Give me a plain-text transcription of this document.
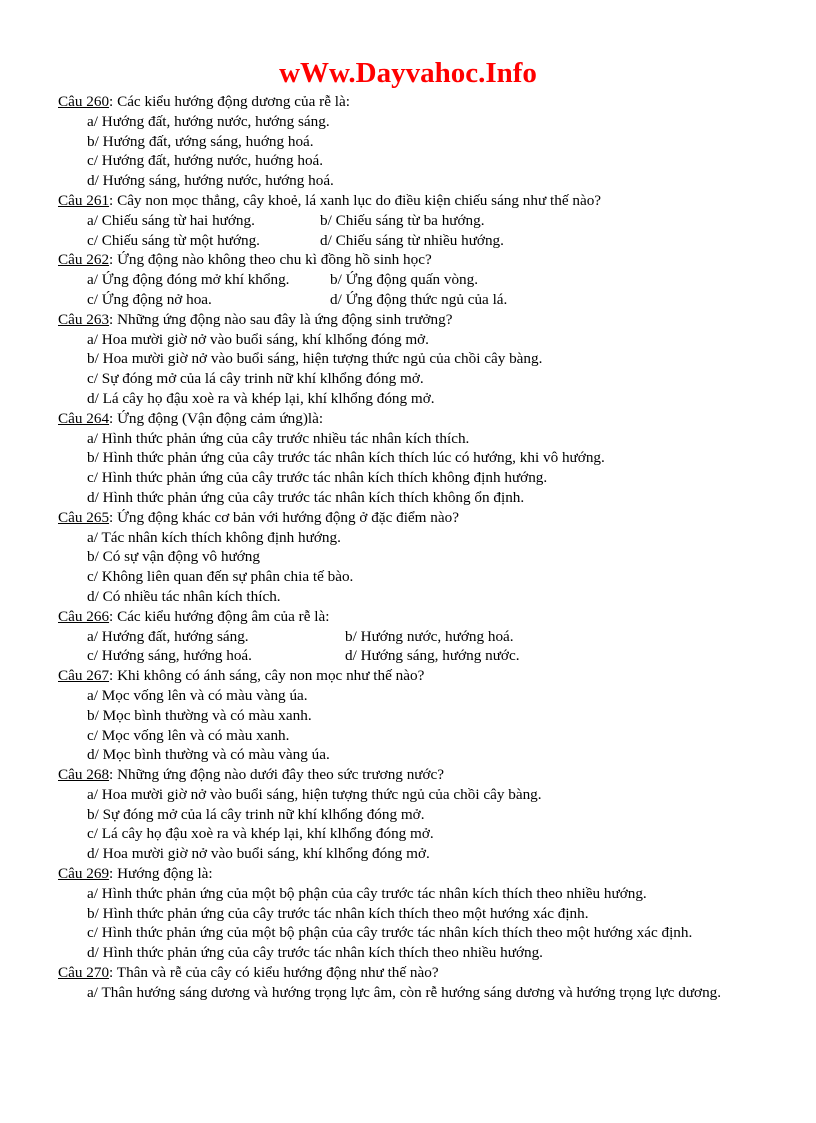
wWw.Dayvahoc.Info

Câu 260: Các kiểu hướng động dương của rễ là:

a/ Hướng đất, hướng nước, hướng sáng.

b/ Hướng đất, ướng sáng, huớng hoá.

c/ Hướng đất, hướng nước, huớng hoá.

d/ Hướng sáng, hướng nước, hướng hoá.

Câu 261: Cây non mọc thẳng, cây khoẻ, lá xanh lục do điều kiện chiếu sáng như thế nào?

a/ Chiếu sáng từ hai hướng.	b/ Chiếu sáng từ ba hướng.

c/ Chiếu sáng từ một hướng.	d/ Chiếu sáng từ nhiều hướng.

Câu 262: Ứng động nào không theo chu kì đồng hồ sinh học?

a/ Ứng động đóng mở khí khổng.	b/ Ứng động quấn vòng.

c/ Ứng động nở hoa.	d/ Ứng động thức ngủ của lá.

Câu 263: Những ứng động nào sau đây là ứng động sinh trưởng?

a/ Hoa mười giờ nở vào buổi sáng, khí klhổng đóng mở.

b/ Hoa mười giờ nở vào buổi sáng, hiện tượng thức ngủ của chồi cây bàng.

c/ Sự đóng mở của lá cây trinh nữ khí klhổng đóng mở.

d/ Lá cây họ đậu xoè ra và khép lại, khí klhổng đóng mở.

Câu 264: Ứng động (Vận động cảm ứng)là:

a/ Hình thức phản ứng của cây trước nhiều tác nhân kích thích.

b/ Hình thức phản ứng của cây trước tác nhân kích thích lúc có hướng, khi vô hướng.

c/ Hình thức phản ứng của cây trước tác nhân kích thích không định hướng.

d/ Hình thức phản ứng của cây trước tác nhân kích thích không ổn định.

Câu 265: Ứng động khác cơ bản với hướng động ở đặc điểm nào?

a/ Tác nhân kích thích không định hướng.

b/ Có sự vận động vô hướng

c/ Không liên quan đến sự phân chia tế bào.

d/ Có nhiều tác nhân kích thích.

Câu 266: Các kiểu hướng động âm của rễ là:

a/ Hướng đất, hướng sáng.	b/ Hướng nước, hướng hoá.

c/ Hướng sáng, hướng hoá.	d/ Hướng sáng, hướng nước.

Câu 267: Khi không có ánh sáng, cây non mọc như thế nào?

a/ Mọc vống lên và có màu vàng úa.

b/ Mọc bình thường và có màu xanh.

c/ Mọc vống lên và có màu xanh.

d/ Mọc bình thường và có màu vàng úa.

Câu 268: Những ứng động nào dưới đây theo sức trương nước?

a/ Hoa mười giờ nở vào buổi sáng, hiện tượng thức ngủ của chồi cây bàng.

b/ Sự đóng mở của lá cây trinh nữ khí klhổng đóng mở.

c/ Lá cây họ đậu xoè ra và khép lại, khí klhổng đóng mở.

d/ Hoa mười giờ nở vào buổi sáng, khí klhổng đóng mở.

Câu 269: Hướng động là:

a/ Hình thức phản ứng của một bộ phận của cây trước tác nhân kích thích theo nhiều hướng.

b/ Hình thức phản ứng của cây trước tác nhân kích thích theo một hướng xác định.

c/ Hình thức phản ứng của một bộ phận của cây trước tác nhân kích thích theo một hướng xác định.

d/ Hình thức phản ứng của cây trước tác nhân kích thích theo nhiều hướng.

Câu 270: Thân và rễ của cây có kiểu hướng động như thế nào?

a/ Thân hướng sáng dương và hướng trọng lực âm, còn rễ hướng sáng dương và hướng trọng lực dương.
